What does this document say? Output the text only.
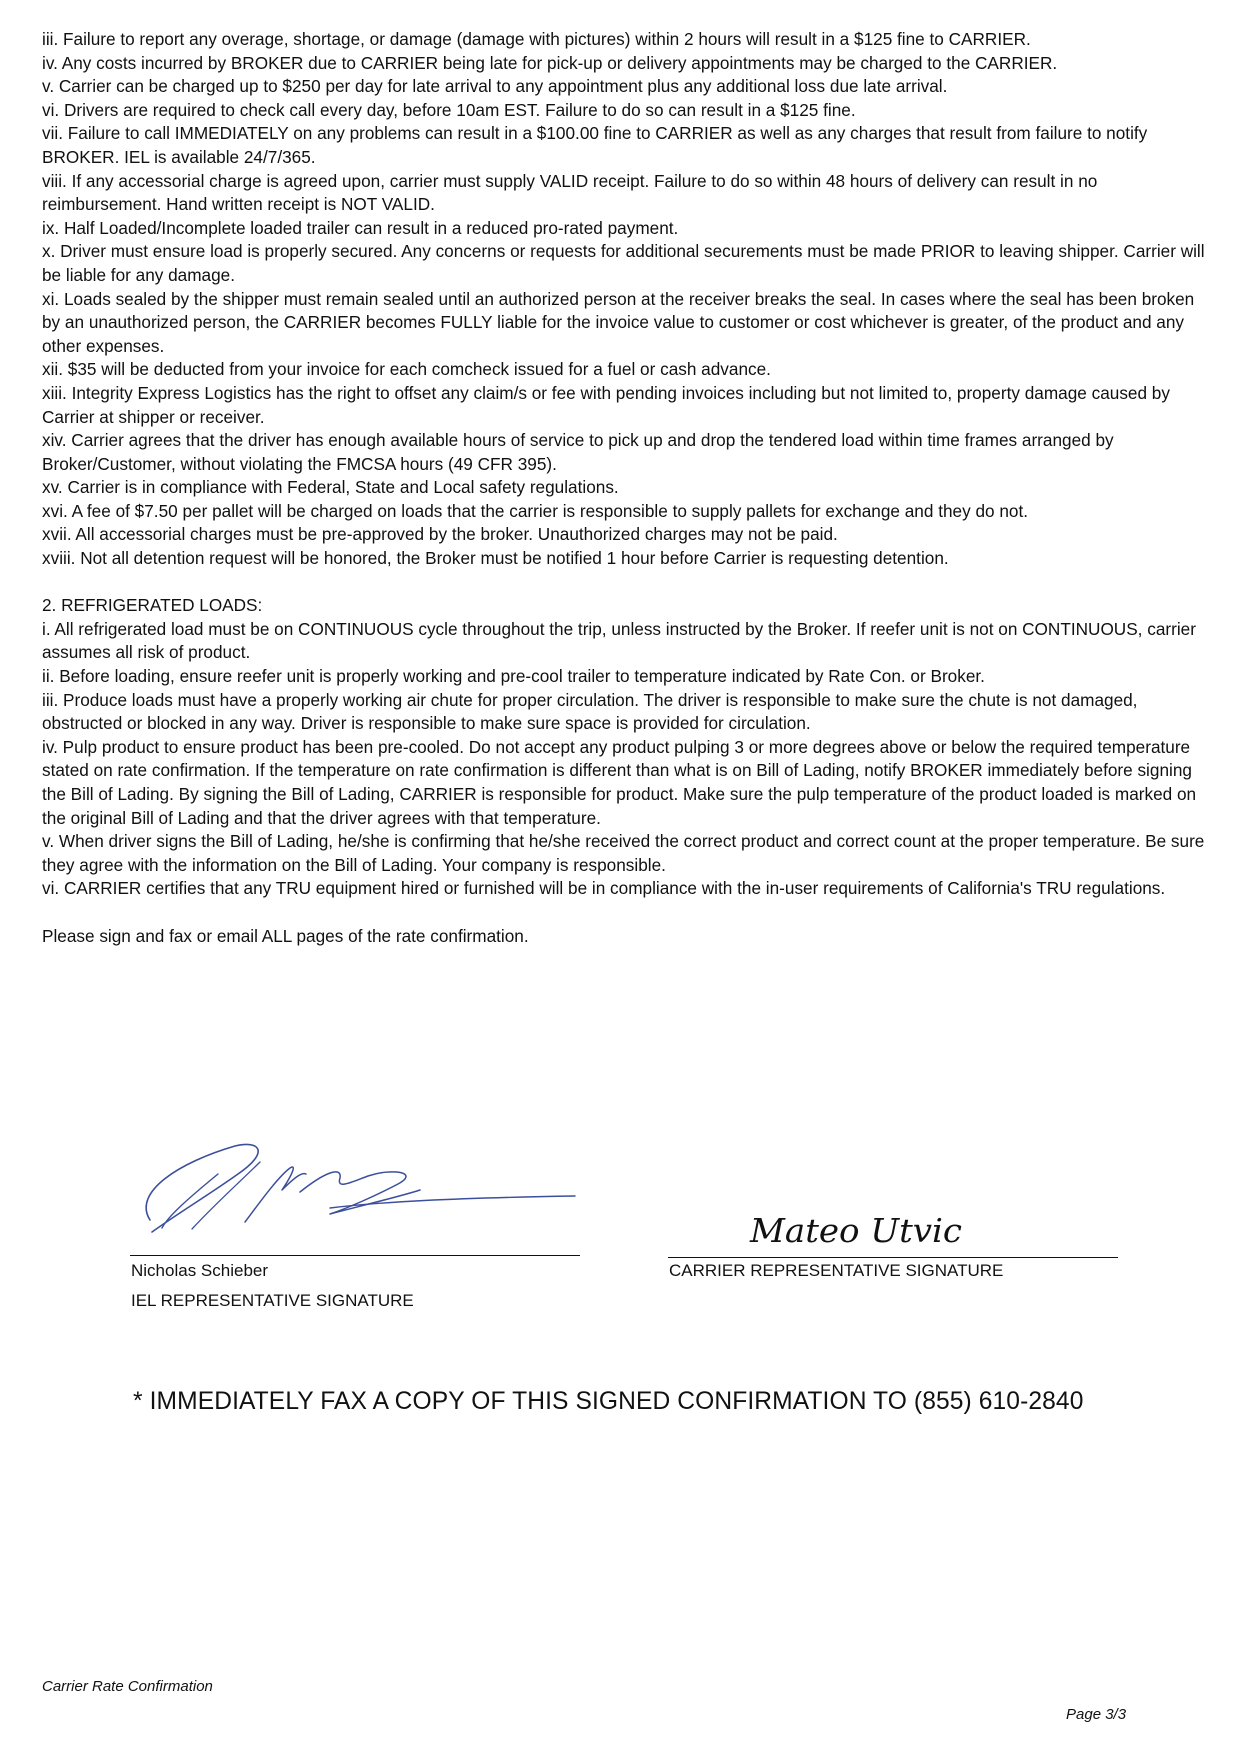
iii. Failure to report any overage, shortage, or damage (damage with pictures) within 2 hours will result in a $125 fine to CARRIER.

iv. Any costs incurred by BROKER due to CARRIER being late for pick-up or delivery appointments may be charged to the CARRIER.

v. Carrier can be charged up to $250 per day for late arrival to any appointment plus any additional loss due late arrival.

vi. Drivers are required to check call every day, before 10am EST. Failure to do so can result in a $125 fine.

vii. Failure to call IMMEDIATELY on any problems can result in a $100.00 fine to CARRIER as well as any charges that result from failure to notify BROKER. IEL is available 24/7/365.

viii. If any accessorial charge is agreed upon, carrier must supply VALID receipt. Failure to do so within 48 hours of delivery can result in no reimbursement. Hand written receipt is NOT VALID.

ix. Half Loaded/Incomplete loaded trailer can result in a reduced pro-rated payment.

x. Driver must ensure load is properly secured. Any concerns or requests for additional securements must be made PRIOR to leaving shipper. Carrier will be liable for any damage.

xi. Loads sealed by the shipper must remain sealed until an authorized person at the receiver breaks the seal. In cases where the seal has been broken by an unauthorized person, the CARRIER becomes FULLY liable for the invoice value to customer or cost whichever is greater, of the product and any other expenses.

xii. $35 will be deducted from your invoice for each comcheck issued for a fuel or cash advance.

xiii. Integrity Express Logistics has the right to offset any claim/s or fee with pending invoices including but not limited to, property damage caused by Carrier at shipper or receiver.

xiv. Carrier agrees that the driver has enough available hours of service to pick up and drop the tendered load within time frames arranged by Broker/Customer, without violating the FMCSA hours (49 CFR 395).

xv. Carrier is in compliance with Federal, State and Local safety regulations.

xvi. A fee of $7.50 per pallet will be charged on loads that the carrier is responsible to supply pallets for exchange and they do not.

xvii. All accessorial charges must be pre-approved by the broker. Unauthorized charges may not be paid.

xviii. Not all detention request will be honored, the Broker must be notified 1 hour before Carrier is requesting detention.

2. REFRIGERATED LOADS:

i. All refrigerated load must be on CONTINUOUS cycle throughout the trip, unless instructed by the Broker. If reefer unit is not on CONTINUOUS, carrier assumes all risk of product.

ii. Before loading, ensure reefer unit is properly working and pre-cool trailer to temperature indicated by Rate Con. or Broker.

iii. Produce loads must have a properly working air chute for proper circulation. The driver is responsible to make sure the chute is not damaged, obstructed or blocked in any way. Driver is responsible to make sure space is provided for circulation.

iv. Pulp product to ensure product has been pre-cooled. Do not accept any product pulping 3 or more degrees above or below the required temperature stated on rate confirmation. If the temperature on rate confirmation is different than what is on Bill of Lading, notify BROKER immediately before signing the Bill of Lading. By signing the Bill of Lading, CARRIER is responsible for product. Make sure the pulp temperature of the product loaded is marked on the original Bill of Lading and that the driver agrees with that temperature.

v. When driver signs the Bill of Lading, he/she is confirming that he/she received the correct product and correct count at the proper temperature. Be sure they agree with the information on the Bill of Lading. Your company is responsible.

vi. CARRIER certifies that any TRU equipment hired or furnished will be in compliance with the in-user requirements of California's TRU regulations.

Please sign and fax or email ALL pages of the rate confirmation.

Nicholas Schieber
IEL REPRESENTATIVE SIGNATURE
Mateo Utvic
CARRIER REPRESENTATIVE SIGNATURE
* IMMEDIATELY FAX A COPY OF THIS SIGNED CONFIRMATION TO (855) 610-2840
Carrier Rate Confirmation
Page 3/3
